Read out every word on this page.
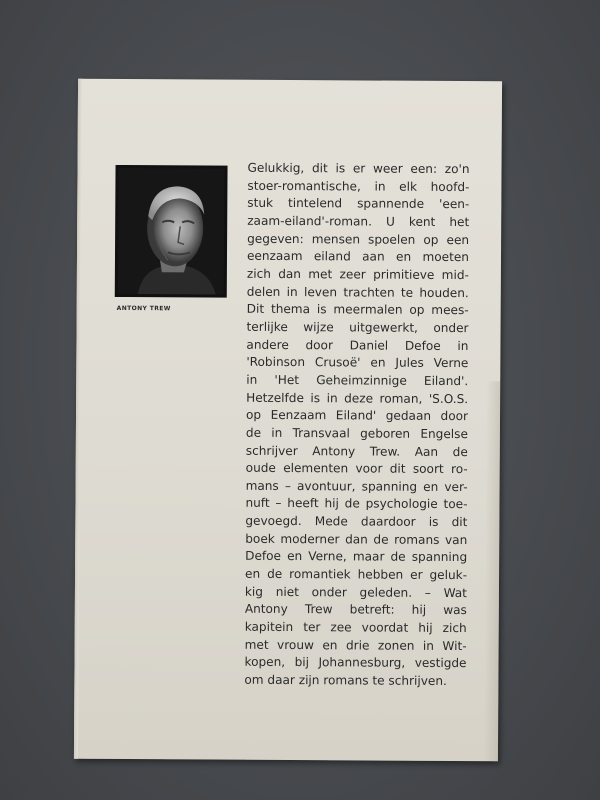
ANTONY TREW
Gelukkig, dit is er weer een: zo'n
stoer-romantische, in elk hoofd-
stuk tintelend spannende 'een-
zaam-eiland'-roman. U kent het
gegeven: mensen spoelen op een
eenzaam eiland aan en moeten
zich dan met zeer primitieve mid-
delen in leven trachten te houden.
Dit thema is meermalen op mees-
terlijke wijze uitgewerkt, onder
andere door Daniel Defoe in
'Robinson Crusoë' en Jules Verne
in 'Het Geheimzinnige Eiland'.
Hetzelfde is in deze roman, 'S.O.S.
op Eenzaam Eiland' gedaan door
de in Transvaal geboren Engelse
schrijver Antony Trew. Aan de
oude elementen voor dit soort ro-
mans – avontuur, spanning en ver-
nuft – heeft hij de psychologie toe-
gevoegd. Mede daardoor is dit
boek moderner dan de romans van
Defoe en Verne, maar de spanning
en de romantiek hebben er geluk-
kig niet onder geleden. – Wat
Antony Trew betreft: hij was
kapitein ter zee voordat hij zich
met vrouw en drie zonen in Wit-
kopen, bij Johannesburg, vestigde
om daar zijn romans te schrijven.
